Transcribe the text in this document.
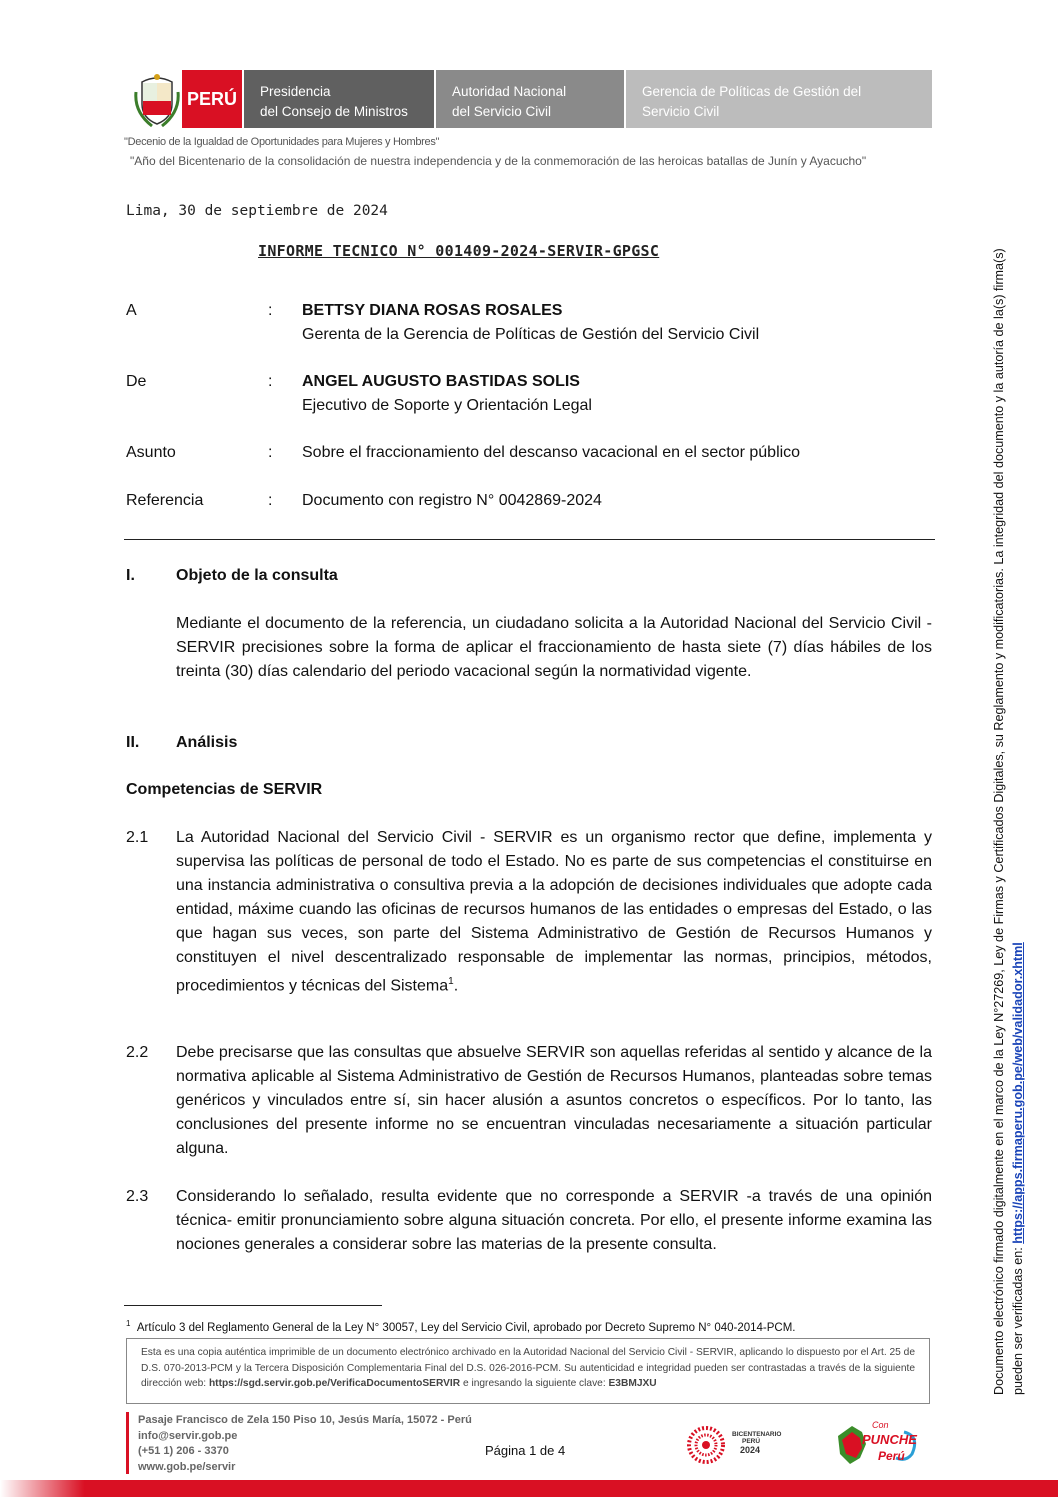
PERÚ Presidencia
del Consejo de Ministros
Autoridad Nacional
del Servicio Civil
Gerencia de Políticas de Gestión del
Servicio Civil
"Decenio de la Igualdad de Oportunidades para Mujeres y Hombres"
"Año del Bicentenario de la consolidación de nuestra independencia y de la conmemoración de las heroicas batallas de Junín y Ayacucho"
Lima, 30 de septiembre de 2024
INFORME TECNICO N° 001409-2024-SERVIR-GPGSC
A	: BETTSY DIANA ROSAS ROSALES
Gerenta de la Gerencia de Políticas de Gestión del Servicio Civil
De	: ANGEL AUGUSTO BASTIDAS SOLIS
Ejecutivo de Soporte y Orientación Legal
Asunto	: Sobre el fraccionamiento del descanso vacacional en el sector público
Referencia	: Documento con registro N° 0042869-2024
I.	Objeto de la consulta
Mediante el documento de la referencia, un ciudadano solicita a la Autoridad Nacional del Servicio Civil - SERVIR precisiones sobre la forma de aplicar el fraccionamiento de hasta siete (7) días hábiles de los treinta (30) días calendario del periodo vacacional según la normatividad vigente.
II. Análisis
Competencias de SERVIR
2.1 La Autoridad Nacional del Servicio Civil - SERVIR es un organismo rector que define, implementa y supervisa las políticas de personal de todo el Estado. No es parte de sus competencias el constituirse en una instancia administrativa o consultiva previa a la adopción de decisiones individuales que adopte cada entidad, máxime cuando las oficinas de recursos humanos de las entidades o empresas del Estado, o las que hagan sus veces, son parte del Sistema Administrativo de Gestión de Recursos Humanos y constituyen el nivel descentralizado responsable de implementar las normas, principios, métodos, procedimientos y técnicas del Sistema$^1$.
2.2 Debe precisarse que las consultas que absuelve SERVIR son aquellas referidas al sentido y alcance de la normativa aplicable al Sistema Administrativo de Gestión de Recursos Humanos, planteadas sobre temas genéricos y vinculados entre sí, sin hacer alusión a asuntos concretos o específicos. Por lo tanto, las conclusiones del presente informe no se encuentran vinculadas necesariamente a situación particular alguna.
2.3 Considerando lo señalado, resulta evidente que no corresponde a SERVIR -a través de una opinión técnica- emitir pronunciamiento sobre alguna situación concreta. Por ello, el presente informe examina las nociones generales a considerar sobre las materias de la presente consulta.
$^1$ Artículo 3 del Reglamento General de la Ley N° 30057, Ley del Servicio Civil, aprobado por Decreto Supremo N° 040-2014-PCM.
Esta es una copia auténtica imprimible de un documento electrónico archivado en la Autoridad Nacional del Servicio Civil - SERVIR, aplicando lo dispuesto por el Art. 25 de D.S. 070-2013-PCM y la Tercera Disposición Complementaria Final del D.S. 026-2016-PCM. Su autenticidad e integridad pueden ser contrastadas a través de la siguiente dirección web: https://sgd.servir.gob.pe/VerificaDocumentoSERVIR e ingresando la siguiente clave: E3BMJXU
Pasaje Francisco de Zela 150 Piso 10, Jesús María, 15072 - Perú
info@servir.gob.pe
(+51 1) 206 - 3370
www.gob.pe/servir
Página 1 de 4
BICENTENARIO
PERÚ
2024
Con
PUNCHE
Perú
Documento electrónico firmado digitalmente en el marco de la Ley N°27269, Ley de Firmas y Certificados Digitales, su Reglamento y modificatorias. La integridad del documento y la autoría de la(s) firma(s) pueden ser verificadas en: https://apps.firmaperu.gob.pe/web/validador.xhtml
